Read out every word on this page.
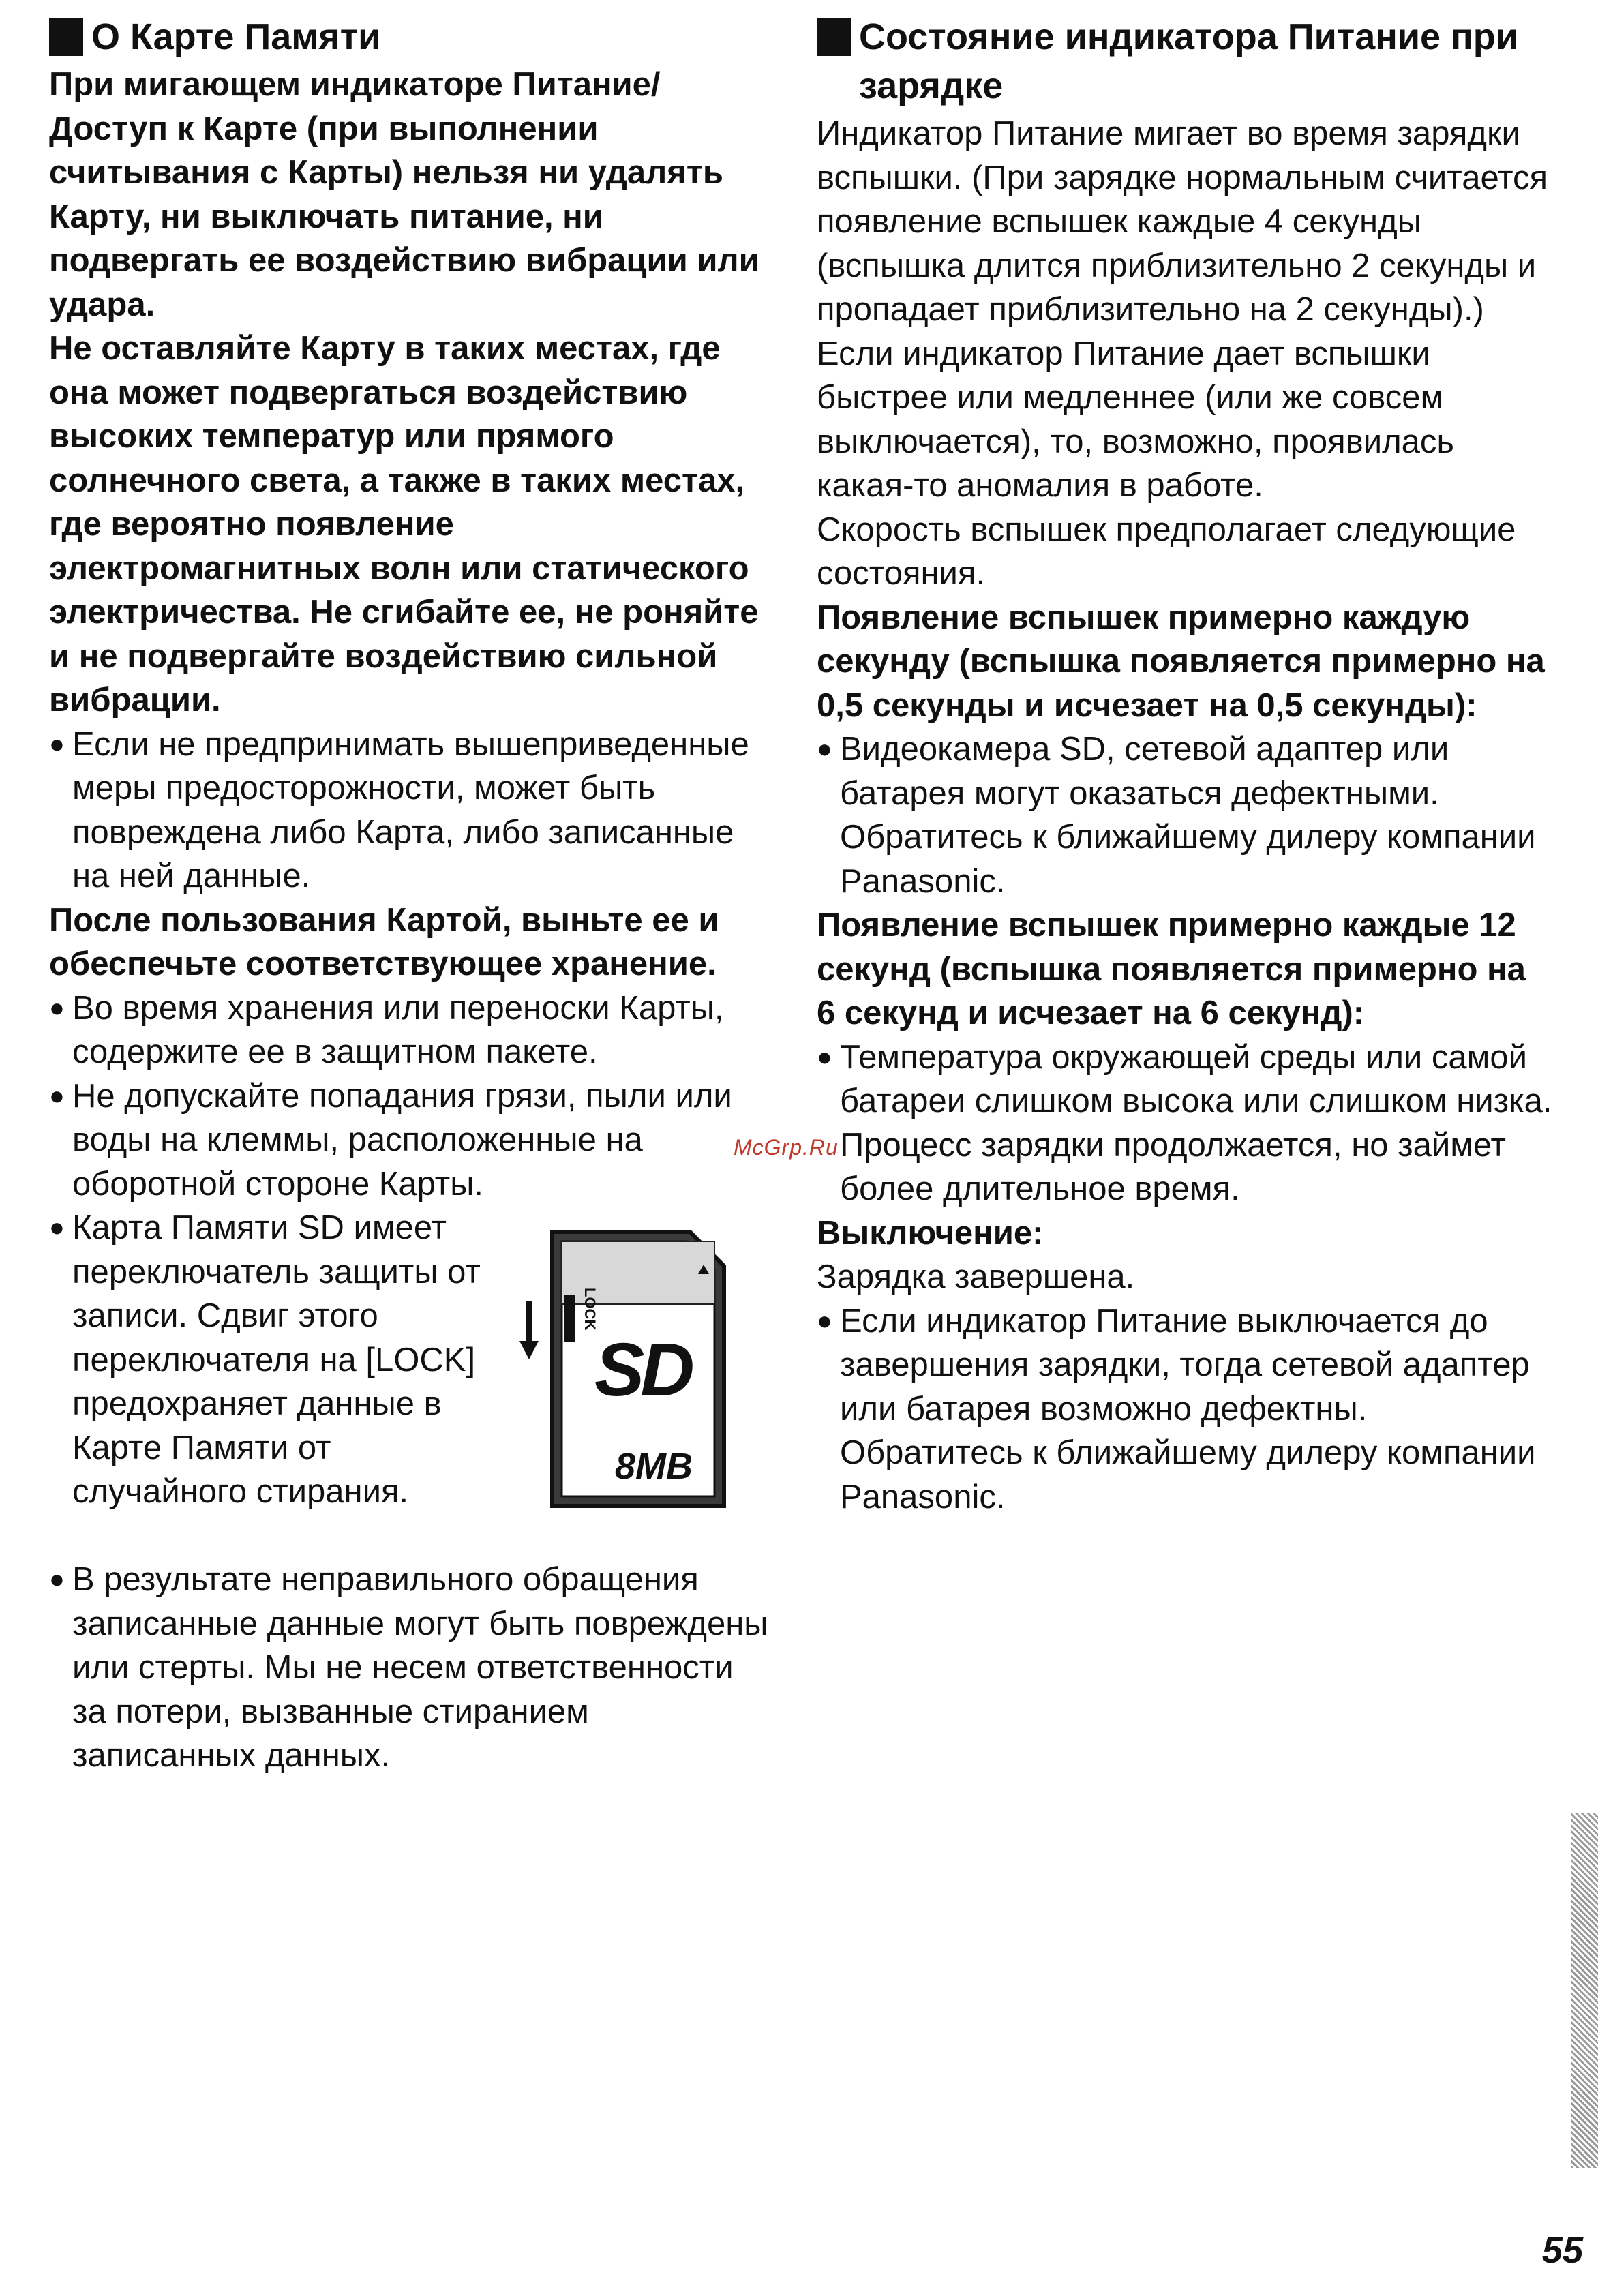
О Карте Памяти
При мигающем индикаторе Питание/ Доступ к Карте (при выполнении считывания с Карты) нельзя ни удалять Карту, ни выключать питание, ни подвергать ее воздействию вибрации или удара.
Не оставляйте Карту в таких местах, где она может подвергаться воздействию высоких температур или прямого солнечного света, а также в таких местах, где вероятно появление электромагнитных волн или статического электричества. Не сгибайте ее, не роняйте и не подвергайте воздействию сильной вибрации.
● Если не предпринимать вышеприведенные меры предосторожности, может быть повреждена либо Карта, либо записанные на ней данные.
После пользования Картой, выньте ее и обеспечьте соответствующее хранение.
● Во время хранения или переноски Карты, содержите ее в защитном пакете.
● Не допускайте попадания грязи, пыли или воды на клеммы, расположенные на оборотной стороне Карты.
● Карта Памяти SD имеет переключатель защиты от записи. Сдвиг этого переключателя на [LOCK] предохраняет данные в Карте Памяти от случайного стирания.
LOCK
SD
8MB
● В результате неправильного обращения записанные данные могут быть повреждены или стерты. Мы не несем ответственности за потери, вызванные стиранием записанных данных.
Состояние индикатора Питание при зарядке
Индикатор Питание мигает во время зарядки вспышки. (При зарядке нормальным считается появление вспышек каждые 4 секунды (вспышка длится приблизительно 2 секунды и пропадает приблизительно на 2 секунды).)
Если индикатор Питание дает вспышки быстрее или медленнее (или же совсем выключается), то, возможно, проявилась какая-то аномалия в работе.
Скорость вспышек предполагает следующие состояния.
Появление вспышек примерно каждую секунду (вспышка появляется примерно на 0,5 секунды и исчезает на 0,5 секунды):
● Видеокамера SD, сетевой адаптер или батарея могут оказаться дефектными. Обратитесь к ближайшему дилеру компании Panasonic.
Появление вспышек примерно каждые 12 секунд (вспышка появляется примерно на 6 секунд и исчезает на 6 секунд):
● Температура окружающей среды или самой батареи слишком высока или слишком низка. Процесс зарядки продолжается, но займет более длительное время.
Выключение:
Зарядка завершена.
● Если индикатор Питание выключается до завершения зарядки, тогда сетевой адаптер или батарея возможно дефектны. Обратитесь к ближайшему дилеру компании Panasonic.
McGrp.Ru
55
